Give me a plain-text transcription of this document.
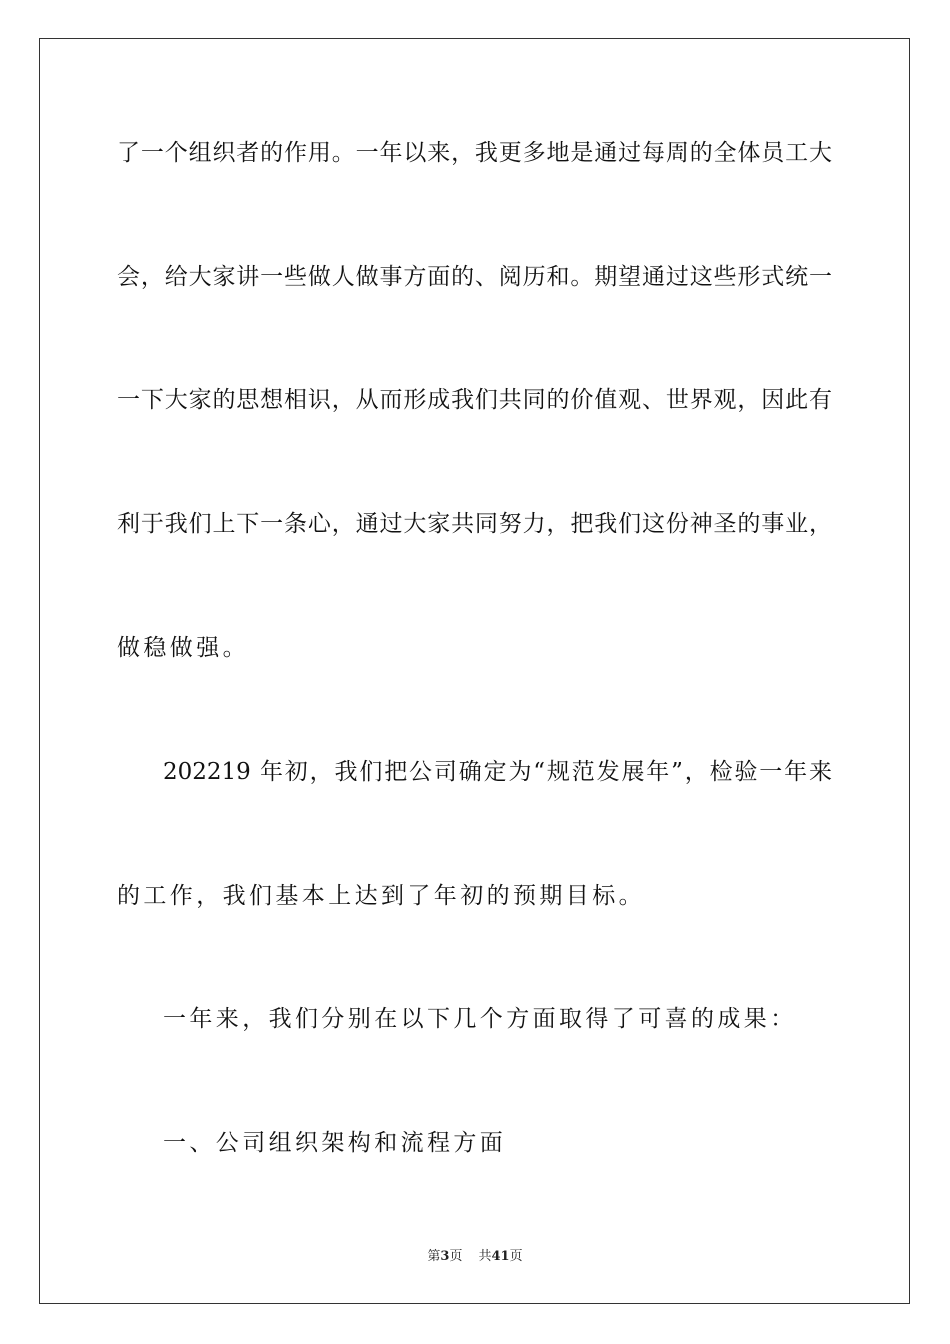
了一个组织者的作用。一年以来，我更多地是通过每周的全体员工大
会，给大家讲一些做人做事方面的、阅历和。期望通过这些形式统一
一下大家的思想相识，从而形成我们共同的价值观、世界观，因此有
利于我们上下一条心，通过大家共同努力，把我们这份神圣的事业，
做稳做强。
202219 年初，我们把公司确定为“规范发展年”，检验一年来
的工作，我们基本上达到了年初的预期目标。
一年来，我们分别在以下几个方面取得了可喜的成果：
一、公司组织架构和流程方面
第3页 共41页
